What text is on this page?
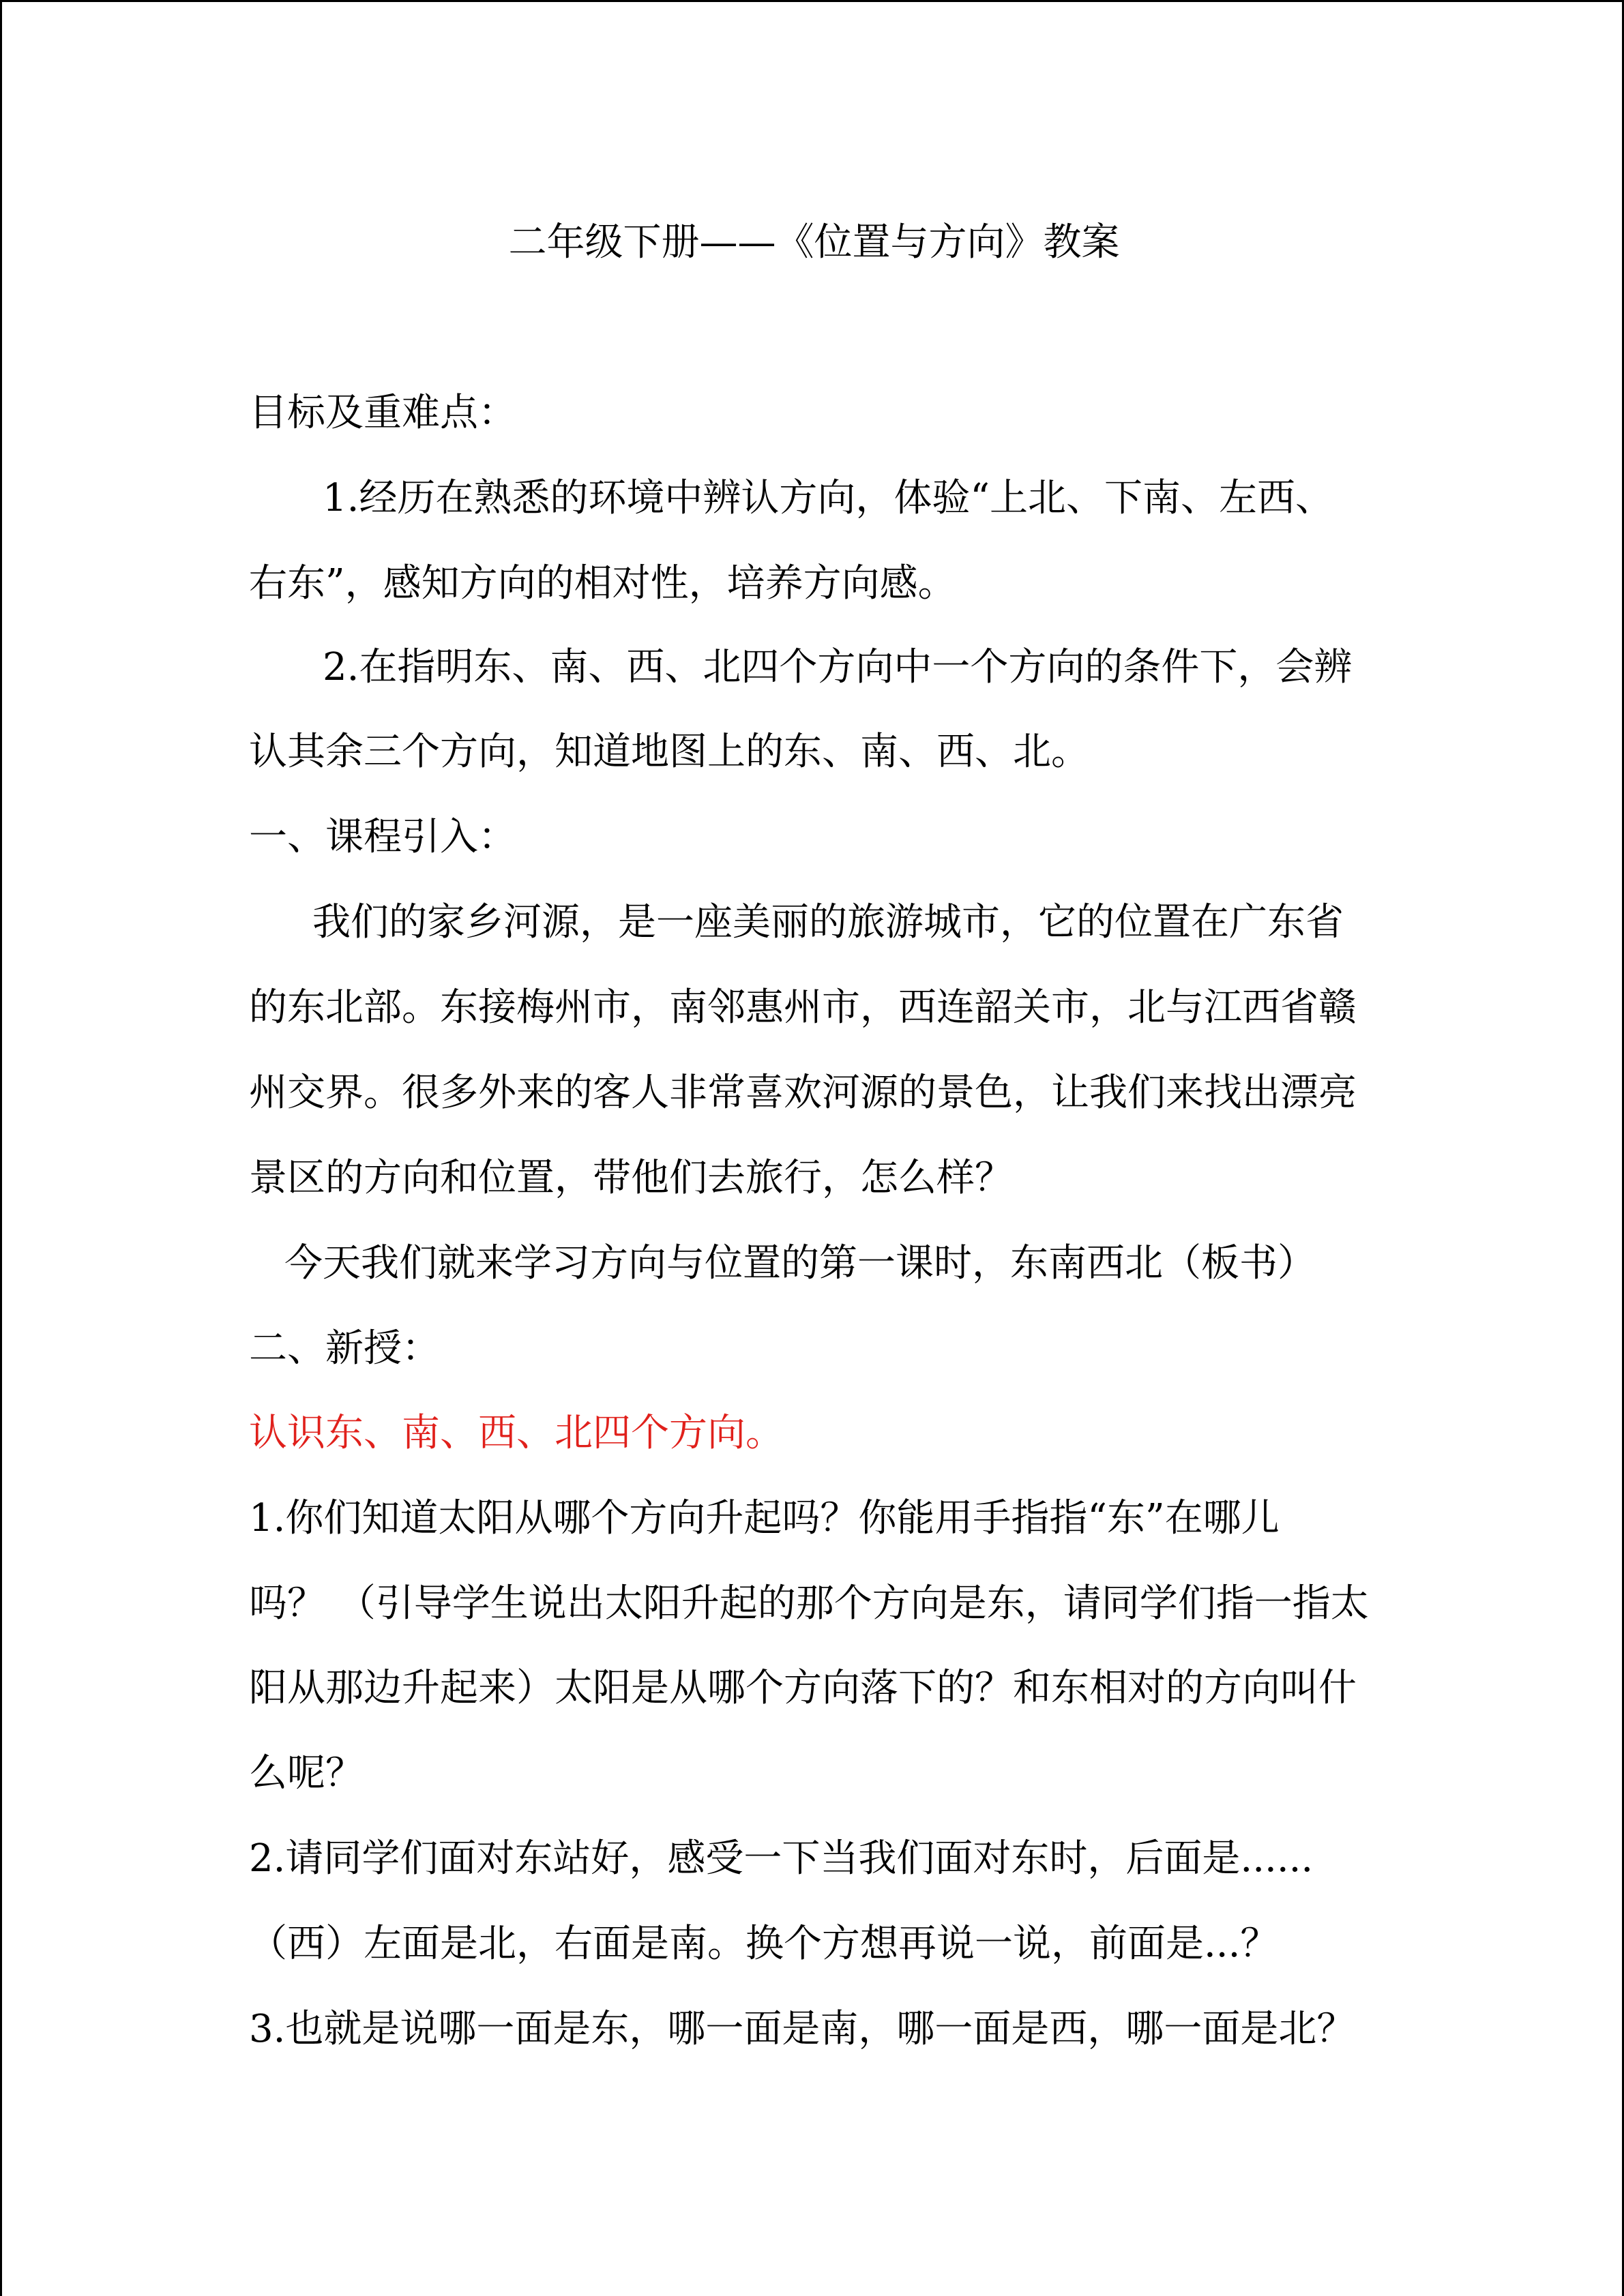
二年级下册——《位置与方向》教案
目标及重难点：
1.经历在熟悉的环境中辨认方向，体验“上北、下南、左西、
右东”，感知方向的相对性，培养方向感。
2.在指明东、南、西、北四个方向中一个方向的条件下，会辨
认其余三个方向，知道地图上的东、南、西、北。
一、课程引入：
我们的家乡河源，是一座美丽的旅游城市，它的位置在广东省
的东北部。东接梅州市，南邻惠州市，西连韶关市，北与江西省赣
州交界。很多外来的客人非常喜欢河源的景色，让我们来找出漂亮
景区的方向和位置，带他们去旅行，怎么样？
今天我们就来学习方向与位置的第一课时，东南西北（板书）
二、新授：
认识东、南、西、北四个方向。
1.你们知道太阳从哪个方向升起吗？你能用手指指“东”在哪儿
吗？ （引导学生说出太阳升起的那个方向是东，请同学们指一指太
阳从那边升起来）太阳是从哪个方向落下的？和东相对的方向叫什
么呢？
2.请同学们面对东站好，感受一下当我们面对东时，后面是......
（西）左面是北，右面是南。换个方想再说一说，前面是...？
3.也就是说哪一面是东，哪一面是南，哪一面是西，哪一面是北？
